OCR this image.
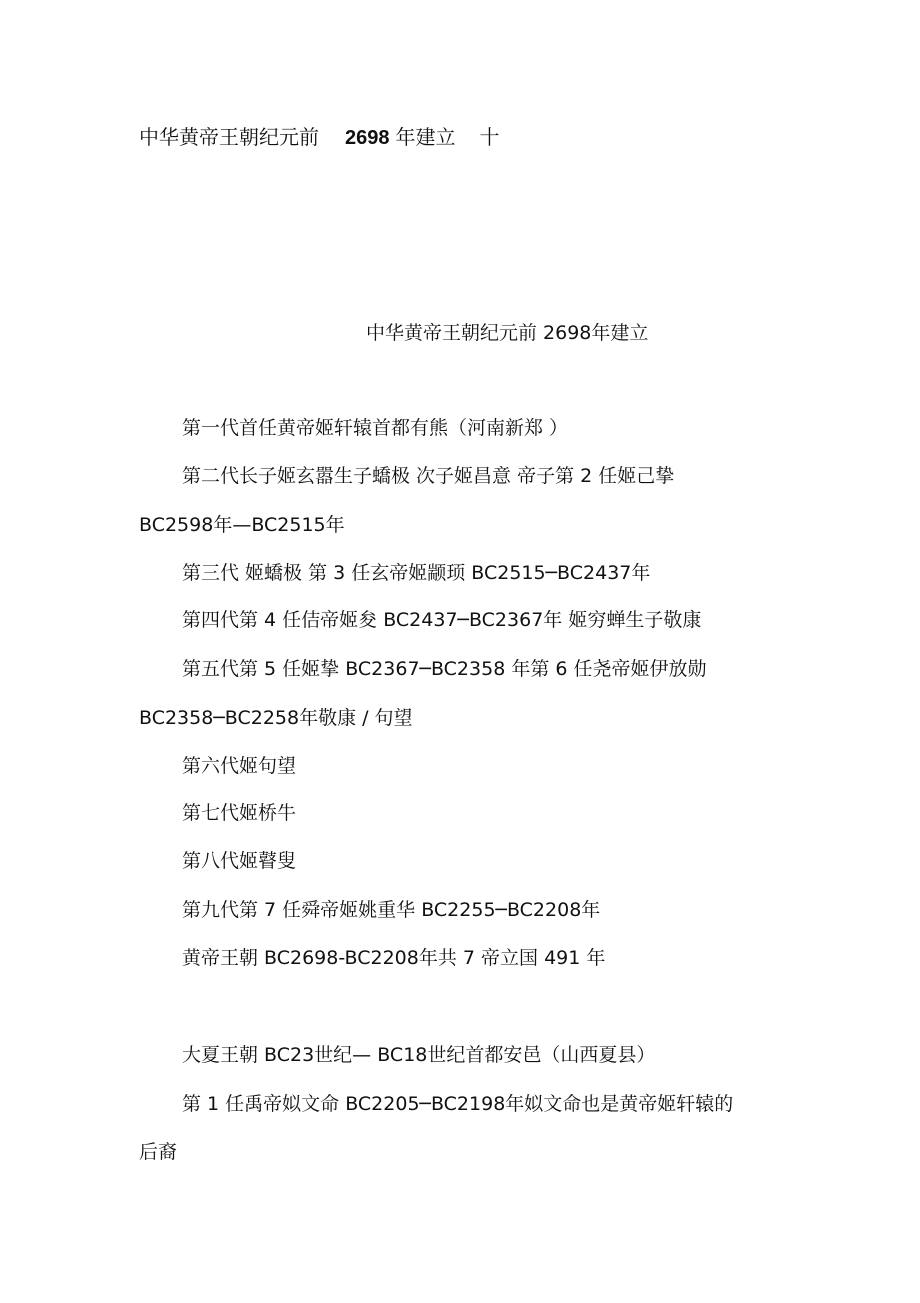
中华黄帝王朝纪元前 2698 年建立 十
中华黄帝王朝纪元前 2698年建立
第一代首任黄帝姬轩辕首都有熊（河南新郑 ）
第二代长子姬玄嚣生子蟜极 次子姬昌意 帝子第 2 任姬己挚
BC2598年—BC2515年
第三代 姬蟜极 第 3 任玄帝姬颛顼 BC2515─BC2437年
第四代第 4 任佶帝姬夋 BC2437─BC2367年 姬穷蝉生子敬康
第五代第 5 任姬挚 BC2367─BC2358 年第 6 任尧帝姬伊放勋
BC2358─BC2258年敬康 / 句望
第六代姬句望
第七代姬桥牛
第八代姬瞽叟
第九代第 7 任舜帝姬姚重华 BC2255─BC2208年
黄帝王朝 BC2698-BC2208年共 7 帝立国 491 年
大夏王朝 BC23世纪— BC18世纪首都安邑（山西夏县）
第 1 任禹帝姒文命 BC2205─BC2198年姒文命也是黄帝姬轩辕的
后裔
